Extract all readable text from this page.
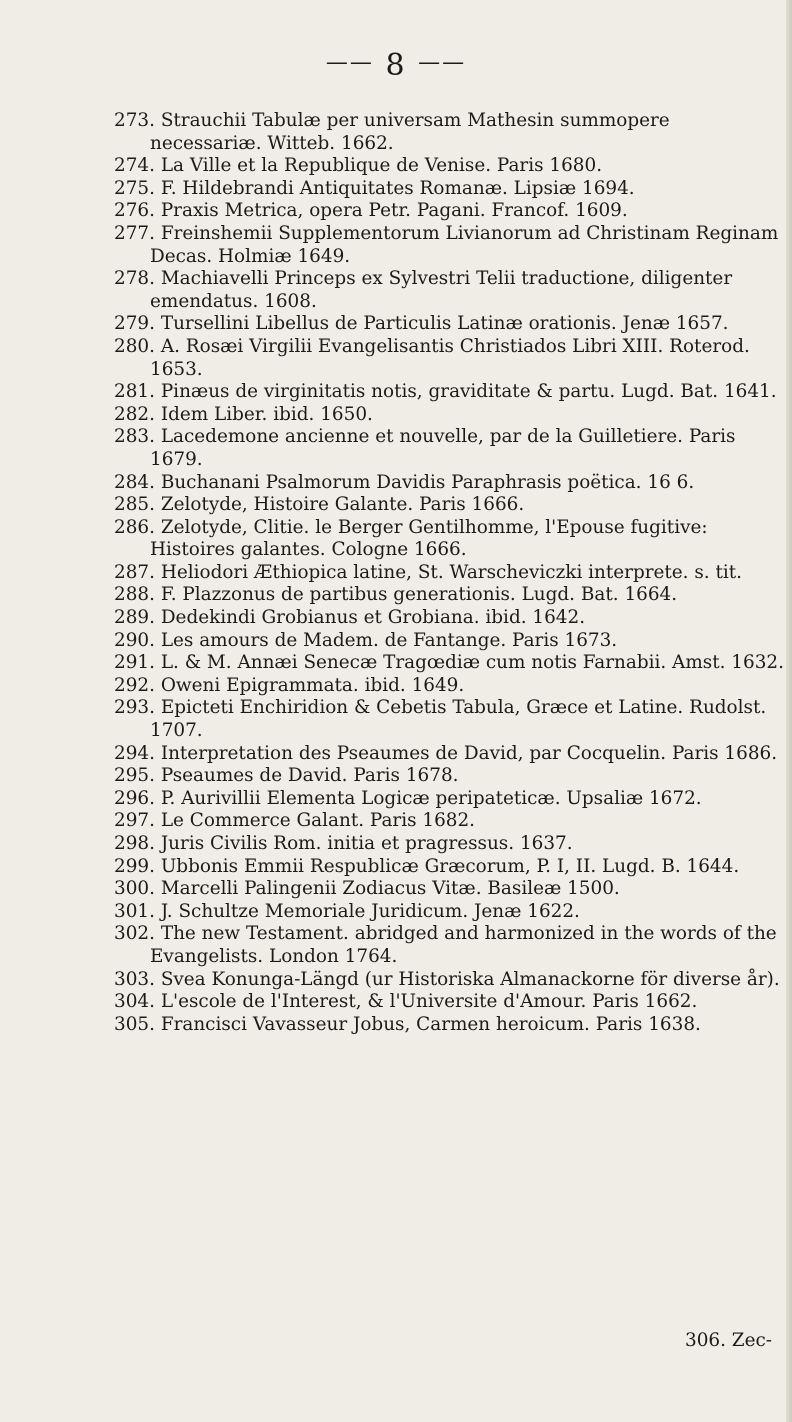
—— 8 ——

273. Strauchii Tabulæ per universam Mathesin summopere necessariæ. Witteb. 1662.

274. La Ville et la Republique de Venise. Paris 1680.

275. F. Hildebrandi Antiquitates Romanæ. Lipsiæ 1694.

276. Praxis Metrica, opera Petr. Pagani. Francof. 1609.

277. Freinshemii Supplementorum Livianorum ad Christinam Reginam Decas. Holmiæ 1649.

278. Machiavelli Princeps ex Sylvestri Telii traductione, diligenter emendatus. 1608.

279. Tursellini Libellus de Particulis Latinæ orationis. Jenæ 1657.

280. A. Rosæi Virgilii Evangelisantis Christiados Libri XIII. Roterod. 1653.

281. Pinæus de virginitatis notis, graviditate & partu. Lugd. Bat. 1641.

282. Idem Liber. ibid. 1650.

283. Lacedemone ancienne et nouvelle, par de la Guilletiere. Paris 1679.

284. Buchanani Psalmorum Davidis Paraphrasis poëtica. 16 6.

285. Zelotyde, Histoire Galante. Paris 1666.

286. Zelotyde, Clitie. le Berger Gentilhomme, l'Epouse fugitive: Histoires galantes. Cologne 1666.

287. Heliodori Æthiopica latine, St. Warscheviczki interprete. s. tit.

288. F. Plazzonus de partibus generationis. Lugd. Bat. 1664.

289. Dedekindi Grobianus et Grobiana. ibid. 1642.

290. Les amours de Madem. de Fantange. Paris 1673.

291. L. & M. Annæi Senecæ Tragœdiæ cum notis Farnabii. Amst. 1632.

292. Oweni Epigrammata. ibid. 1649.

293. Epicteti Enchiridion & Cebetis Tabula, Græce et Latine. Rudolst. 1707.

294. Interpretation des Pseaumes de David, par Cocquelin. Paris 1686.

295. Pseaumes de David. Paris 1678.

296. P. Aurivillii Elementa Logicæ peripateticæ. Upsaliæ 1672.

297. Le Commerce Galant. Paris 1682.

298. Juris Civilis Rom. initia et pragressus. 1637.

299. Ubbonis Emmii Respublicæ Græcorum, P. I, II. Lugd. B. 1644.

300. Marcelli Palingenii Zodiacus Vitæ. Basileæ 1500.

301. J. Schultze Memoriale Juridicum. Jenæ 1622.

302. The new Testament. abridged and harmonized in the words of the Evangelists. London 1764.

303. Svea Konunga-Längd (ur Historiska Almanackorne för diverse år).

304. L'escole de l'Interest, & l'Universite d'Amour. Paris 1662.

305. Francisci Vavasseur Jobus, Carmen heroicum. Paris 1638.

306. Zec-
